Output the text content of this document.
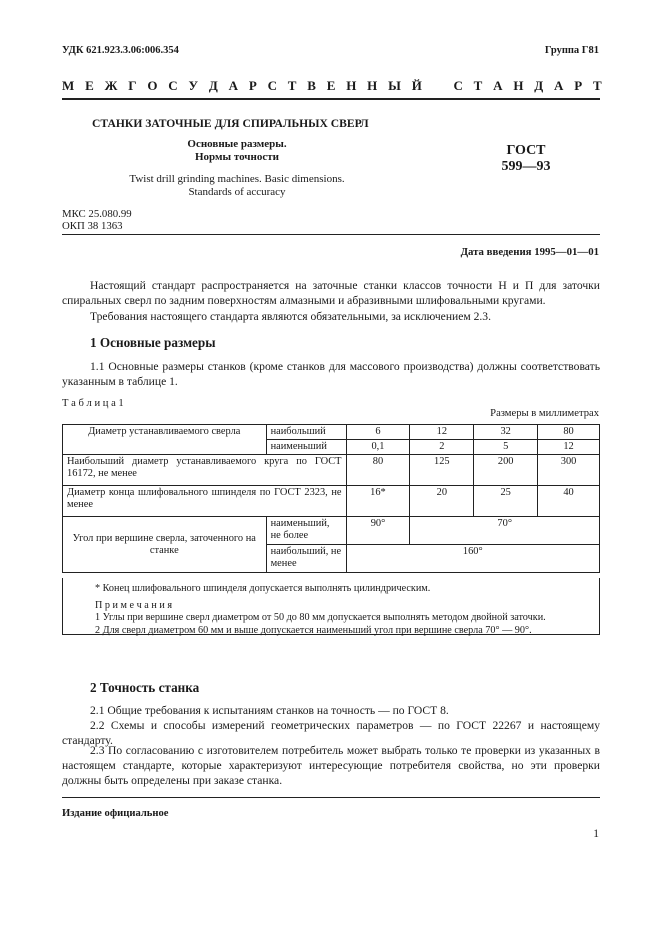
УДК 621.923.3.06:006.354	Группа Г81
М Е Ж Г О С У Д А Р С Т В Е Н Н Ы Й С Т А Н Д А Р Т
СТАНКИ ЗАТОЧНЫЕ ДЛЯ СПИРАЛЬНЫХ СВЕРЛ
Основные размеры.
Нормы точности
Twist drill grinding machines. Basic dimensions.
Standards of accuracy
ГОСТ
599—93
МКС 25.080.99
ОКП 38 1363
Дата введения 1995—01—01
Настоящий стандарт распространяется на заточные станки классов точности Н и П для заточки спиральных сверл по задним поверхностям алмазными и абразивными шлифовальными кругами.
Требования настоящего стандарта являются обязательными, за исключением 2.3.
1 Основные размеры
1.1 Основные размеры станков (кроме станков для массового производства) должны соответствовать указанным в таблице 1.
Т а б л и ц а 1
Размеры в миллиметрах
Диаметр устанавливаемого сверла	наибольший	6	12	32	80
	наименьший	0,1	2	5	12
Наибольший диаметр устанавливаемого круга по ГОСТ 16172, не менее		80	125	200	300
Диаметр конца шлифовального шпинделя по ГОСТ 2323, не менее		16*	20	25	40
Угол при вершине сверла, заточенного на станке	наименьший, не более	90°	70°		
	наибольший, не менее	160°			
* Конец шлифовального шпинделя допускается выполнять цилиндрическим.
П р и м е ч а н и я
1 Углы при вершине сверл диаметром от 50 до 80 мм допускается выполнять методом двойной заточки.
2 Для сверл диаметром 60 мм и выше допускается наименьший угол при вершине сверла 70° — 90°.
2 Точность станка
2.1 Общие требования к испытаниям станков на точность — по ГОСТ 8.
2.2 Схемы и способы измерений геометрических параметров — по ГОСТ 22267 и настоящему стандарту.
2.3 По согласованию с изготовителем потребитель может выбрать только те проверки из указанных в настоящем стандарте, которые характеризуют интересующие потребителя свойства, но эти проверки должны быть определены при заказе станка.
Издание официальное
1
